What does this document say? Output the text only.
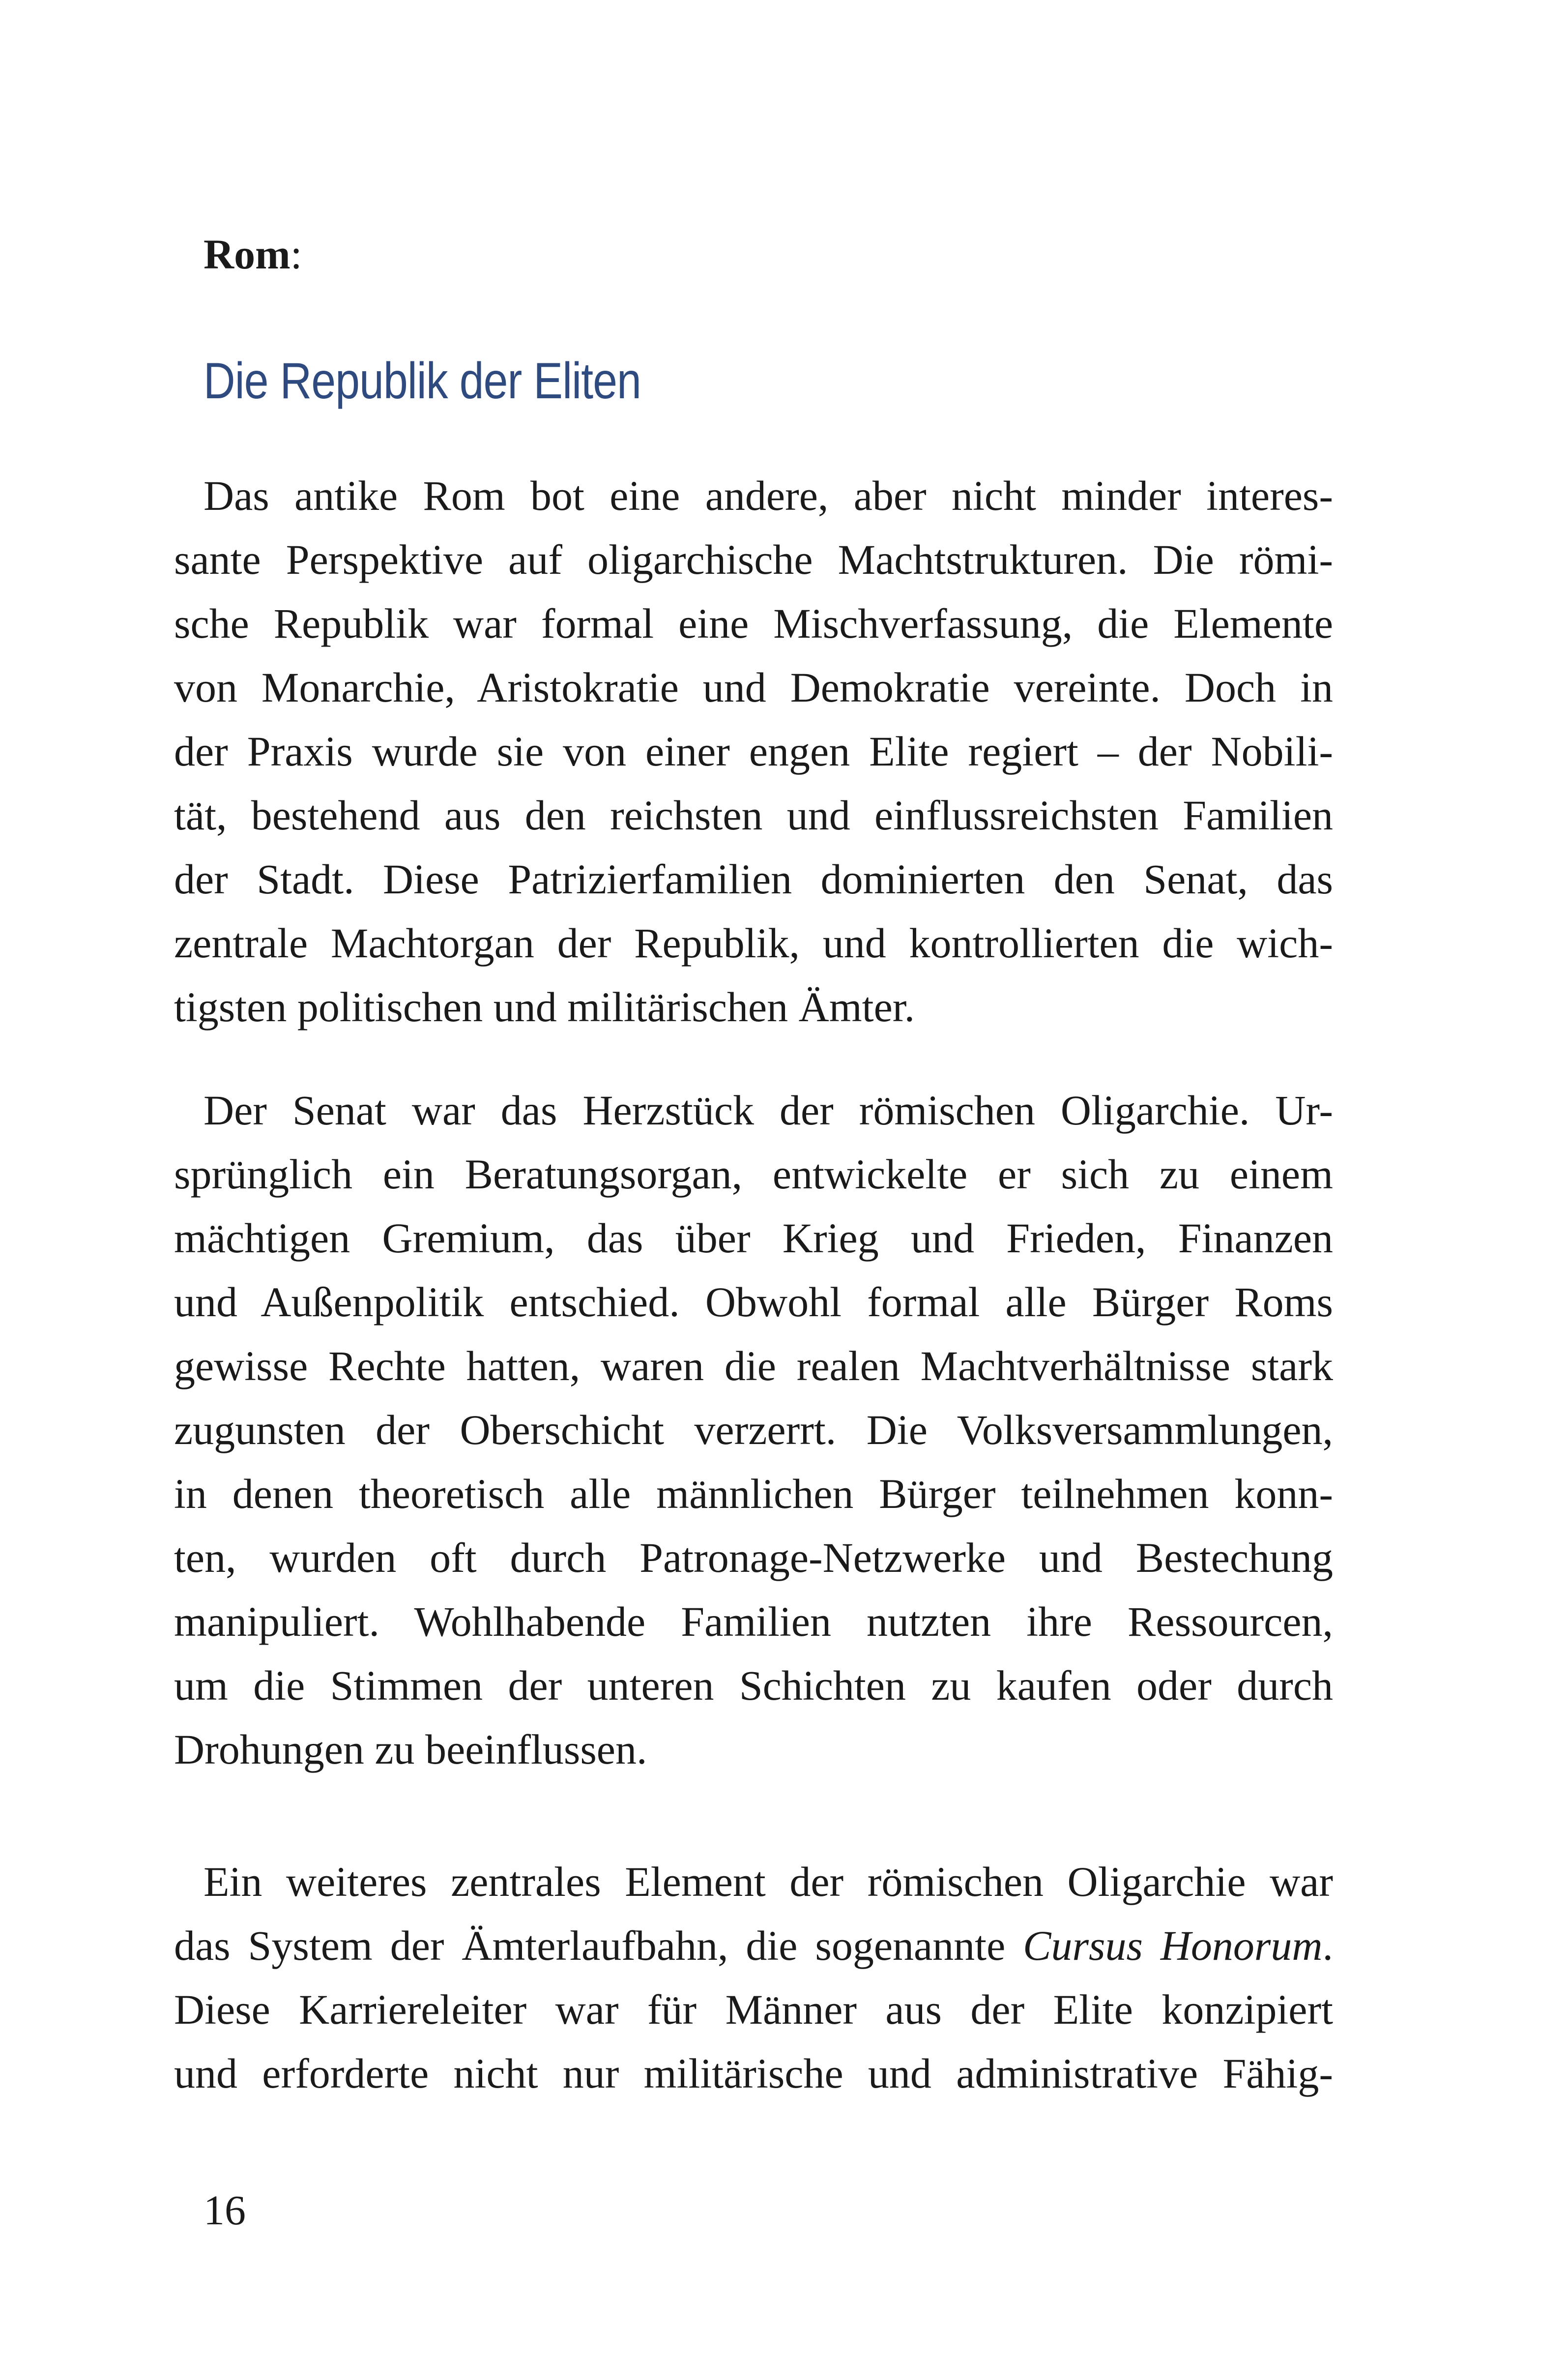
Rom:

Die Republik der Eliten
Das antike Rom bot eine andere, aber nicht minder interes-
sante Perspektive auf oligarchische Machtstrukturen. Die römi-
sche Republik war formal eine Mischverfassung, die Elemente
von Monarchie, Aristokratie und Demokratie vereinte. Doch in
der Praxis wurde sie von einer engen Elite regiert – der Nobili-
tät, bestehend aus den reichsten und einflussreichsten Familien
der Stadt. Diese Patrizierfamilien dominierten den Senat, das
zentrale Machtorgan der Republik, und kontrollierten die wich-
tigsten politischen und militärischen Ämter.
Der Senat war das Herzstück der römischen Oligarchie. Ur-
sprünglich ein Beratungsorgan, entwickelte er sich zu einem
mächtigen Gremium, das über Krieg und Frieden, Finanzen
und Außenpolitik entschied. Obwohl formal alle Bürger Roms
gewisse Rechte hatten, waren die realen Machtverhältnisse stark
zugunsten der Oberschicht verzerrt. Die Volksversammlungen,
in denen theoretisch alle männlichen Bürger teilnehmen konn-
ten, wurden oft durch Patronage-Netzwerke und Bestechung
manipuliert. Wohlhabende Familien nutzten ihre Ressourcen,
um die Stimmen der unteren Schichten zu kaufen oder durch
Drohungen zu beeinflussen.
Ein weiteres zentrales Element der römischen Oligarchie war
das System der Ämterlaufbahn, die sogenannte Cursus Honorum.
Diese Karriereleiter war für Männer aus der Elite konzipiert
und erforderte nicht nur militärische und administrative Fähig-

16
